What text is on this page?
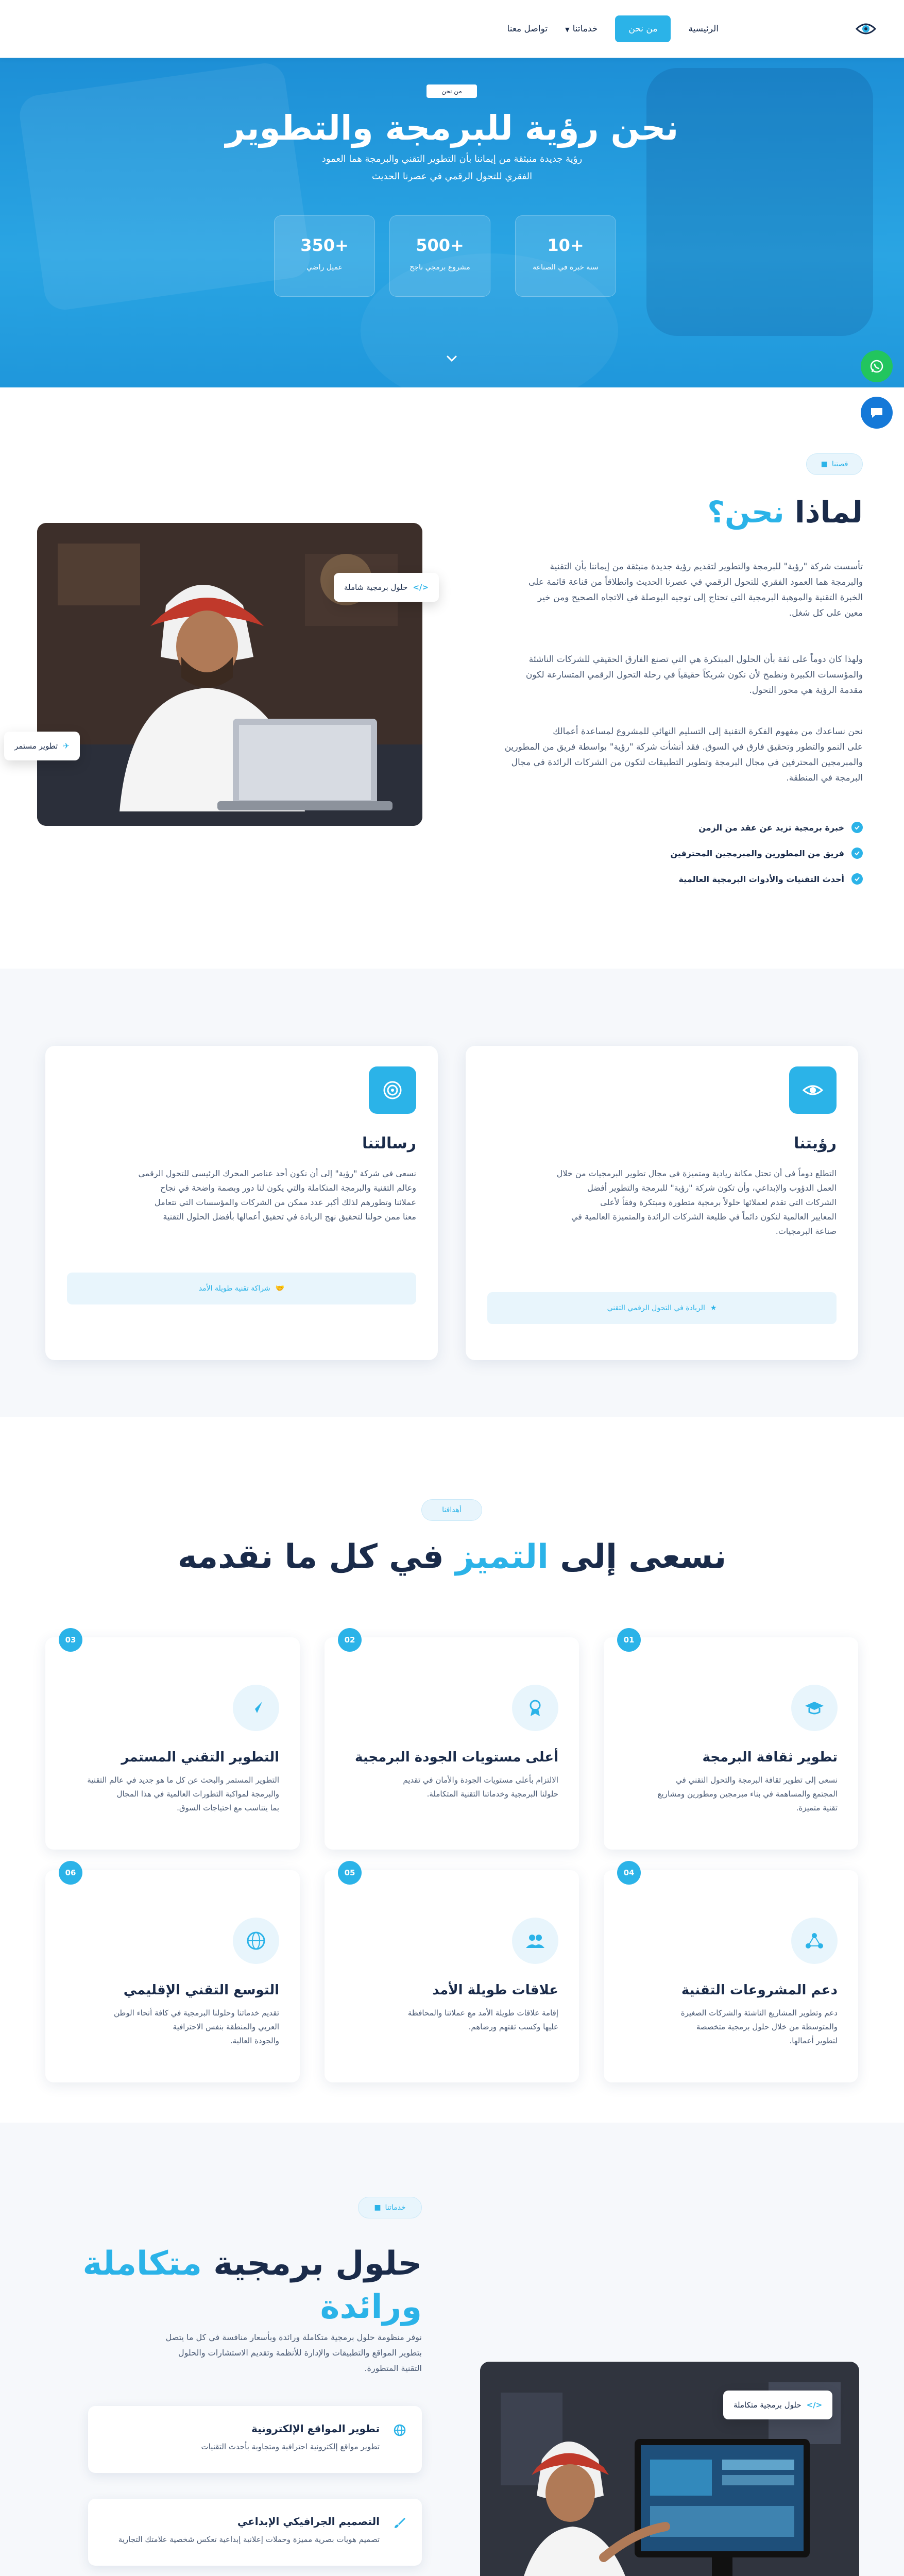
الرئيسية
من نحن
خدماتنا▼
تواصل معنا
من نحن
نحن رؤية للبرمجة والتطوير
رؤية جديدة منبثقة من إيماننا بأن التطوير التقني والبرمجة هما العمود
الفقري للتحول الرقمي في عصرنا الحديث
+10
سنة خبرة في الصناعة
+500
مشروع برمجي ناجح
+350
عميل راضي
قصتنا
■
لماذا نحن؟
تأسست شركة "رؤية" للبرمجة والتطوير لتقديم رؤية جديدة منبثقة من إيماننا بأن التقنية
والبرمجة هما العمود الفقري للتحول الرقمي في عصرنا الحديث وانطلاقاً من قناعة قائمة على
الخبرة التقنية والموهبة البرمجية التي تحتاج إلى توجيه البوصلة في الاتجاه الصحيح ومن خير
معين على كل شغل.
ولهذا كان دوماً على ثقة بأن الحلول المبتكرة هي التي تصنع الفارق الحقيقي للشركات الناشئة
والمؤسسات الكبيرة ونطمح لأن نكون شريكاً حقيقياً في رحلة التحول الرقمي المتسارعة لكون
مقدمة الرؤية هي محور التحول.
نحن نساعدك من مفهوم الفكرة التقنية إلى التسليم النهائي للمشروع لمساعدة أعمالك
على النمو والتطور وتحقيق فارق في السوق. فقد أنشأت شركة "رؤية" بواسطة فريق من المطورين
والمبرمجين المحترفين في مجال البرمجة وتطوير التطبيقات لتكون من الشركات الرائدة في مجال
البرمجة في المنطقة.
خبرة برمجية تزيد عن عقد من الزمن
فريق من المطورين والمبرمجين المحترفين
أحدث التقنيات والأدوات البرمجية العالمية
</>
حلول برمجية شاملة
✈
تطوير مستمر
رؤيتنا
التطلع دوماً في أن تحتل مكانة ريادية ومتميزة في مجال تطوير البرمجيات من خلال
العمل الدؤوب والإبداعي، وأن تكون شركة "رؤية" للبرمجة والتطوير أفضل
الشركات التي تقدم لعملائها حلولاً برمجية متطورة ومبتكرة وفقاً لأعلى
المعايير العالمية لنكون دائماً في طليعة الشركات الرائدة والمتميزة العالمية في
صناعة البرمجيات.
★
الريادة في التحول الرقمي التقني
رسالتنا
نسعى في شركة "رؤية" إلى أن نكون أحد عناصر المحرك الرئيسي للتحول الرقمي
وعالم التقنية والبرمجة المتكاملة والتي يكون لنا دور وبصمة واضحة في نجاح
عملائنا وتطورهم لذلك أكبر عدد ممكن من الشركات والمؤسسات التي تتعامل
معنا ممن حولنا لتحقيق نهج الريادة في تحقيق أعمالها بأفضل الحلول التقنية
🤝
شراكة تقنية طويلة الأمد
أهدافنا
نسعى إلى التميز في كل ما نقدمه
01
تطوير ثقافة البرمجة

نسعى إلى تطوير ثقافة البرمجة والتحول التقني في
المجتمع والمساهمة في بناء مبرمجين ومطورين ومشاريع
تقنية متميزة.

02
أعلى مستويات الجودة البرمجية

الالتزام بأعلى مستويات الجودة والأمان في تقديم
حلولنا البرمجية وخدماتنا التقنية المتكاملة.

03
التطوير التقني المستمر

التطوير المستمر والبحث عن كل ما هو جديد في عالم التقنية
والبرمجة لمواكبة التطورات العالمية في هذا المجال
بما يتناسب مع احتياجات السوق.

04
دعم المشروعات التقنية

دعم وتطوير المشاريع الناشئة والشركات الصغيرة
والمتوسطة من خلال حلول برمجية متخصصة
لتطوير أعمالها.

05
علاقات طويلة الأمد

إقامة علاقات طويلة الأمد مع عملائنا والمحافظة
عليها وكسب ثقتهم ورضاهم.

06
التوسع التقني الإقليمي

تقديم خدماتنا وحلولنا البرمجية في كافة أنحاء الوطن
العربي والمنطقة بنفس الاحترافية
والجودة العالية.

خدماتنا
■
حلول برمجية متكاملة
ورائدة
نوفر منظومة حلول برمجية متكاملة ورائدة وبأسعار منافسة في كل ما يتصل
بتطوير المواقع والتطبيقات والإدارة للأنظمة وتقديم الاستشارات والحلول
التقنية المتطورة.
تطوير المواقع الإلكترونية

تطوير مواقع إلكترونية احترافية ومتجاوبة بأحدث التقنيات

التصميم الجرافيكي الإبداعي

تصميم هويات بصرية مميزة وحملات إعلانية إبداعية تعكس شخصية علامتك التجارية

</>
حلول برمجية متكاملة
